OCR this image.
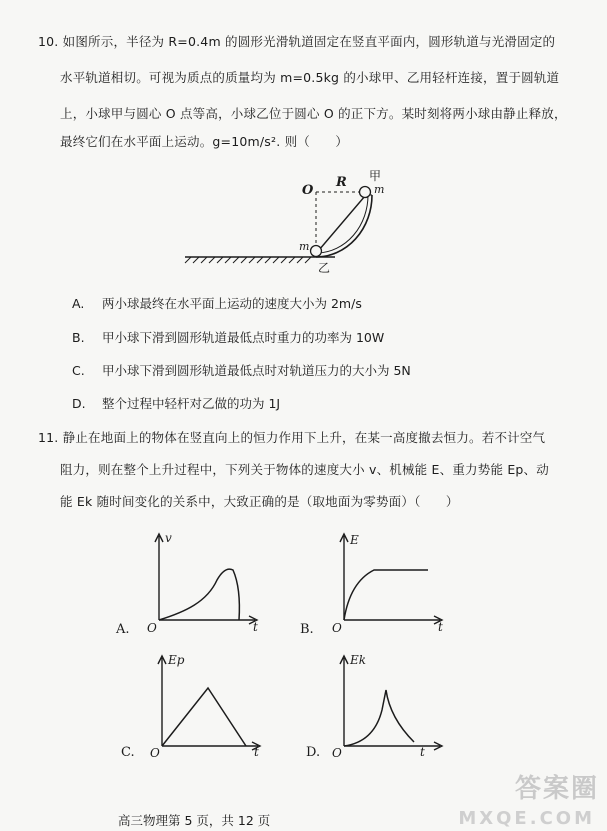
10. 如图所示，半径为 R=0.4m 的圆形光滑轨道固定在竖直平面内，圆形轨道与光滑固定的
水平轨道相切。可视为质点的质量均为 m=0.5kg 的小球甲、乙用轻杆连接，置于圆轨道
上，小球甲与圆心 O 点等高，小球乙位于圆心 O 的正下方。某时刻将两小球由静止释放，
最终它们在水平面上运动。g=10m/s². 则（　　）
O
R 甲
m
m
乙
A. 两小球最终在水平面上运动的速度大小为 2m/s
B. 甲小球下滑到圆形轨道最低点时重力的功率为 10W
C. 甲小球下滑到圆形轨道最低点时对轨道压力的大小为 5N
D. 整个过程中轻杆对乙做的功为 1J
11. 静止在地面上的物体在竖直向上的恒力作用下上升，在某一高度撤去恒力。若不计空气
阻力，则在整个上升过程中，下列关于物体的速度大小 v、机械能 E、重力势能 Ep、动
能 Ek 随时间变化的关系中，大致正确的是（取地面为零势面）（　　）
A.
v
O	t	B.
E
O	t
C.
Ep
O	t	D.
Ek
O	t
高三物理第 5 页，共 12 页
答案圈
MXQE.COM
